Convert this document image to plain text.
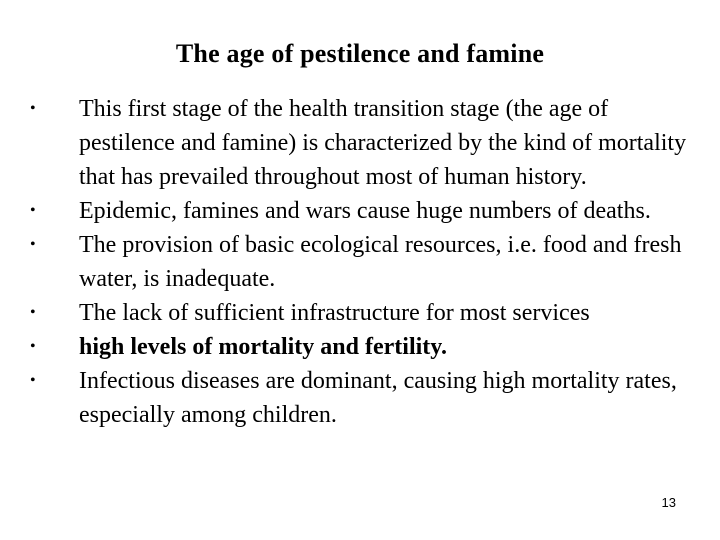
The age of pestilence and famine
• This first stage of the health transition stage (the age of pestilence and famine) is characterized by the kind of mortality that has prevailed throughout most of human history.
• Epidemic, famines and wars cause huge numbers of deaths.
• The provision of basic ecological resources, i.e. food and fresh water, is inadequate.
• The lack of sufficient infrastructure for most services
• high levels of mortality and fertility.
• Infectious diseases are dominant, causing high mortality rates, especially among children.
13
